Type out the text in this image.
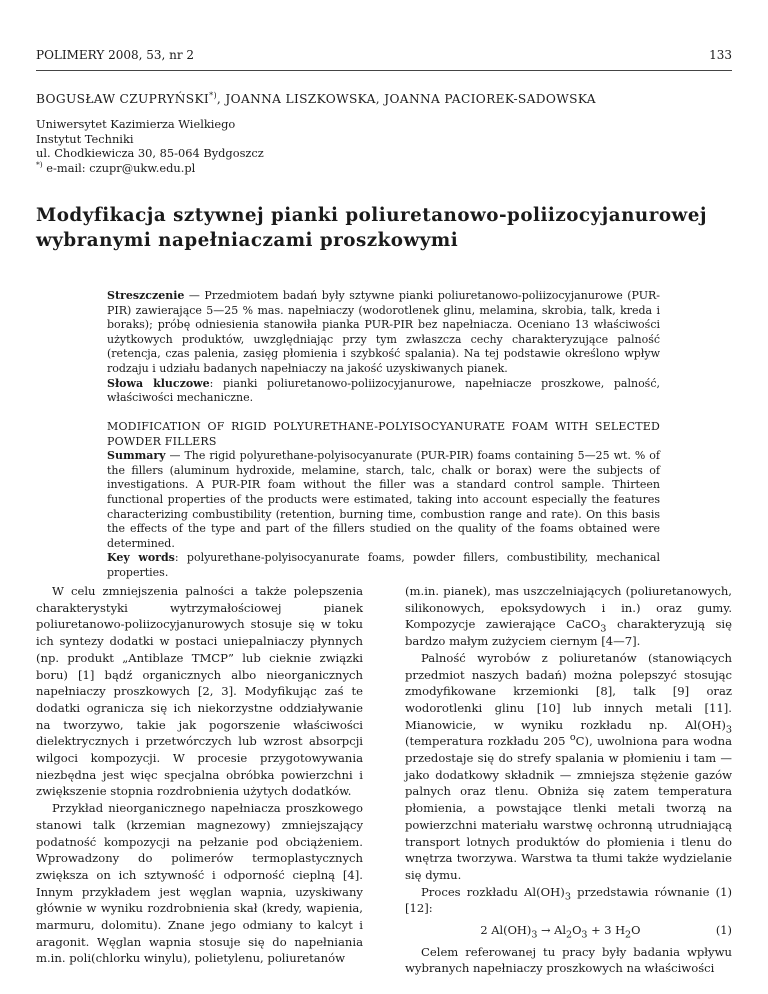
POLIMERY 2008, 53, nr 2	133
BOGUSŁAW CZUPRYŃSKI*), JOANNA LISZKOWSKA, JOANNA PACIOREK-SADOWSKA
Uniwersytet Kazimierza Wielkiego
Instytut Techniki
ul. Chodkiewicza 30, 85-064 Bydgoszcz
*) e-mail: czupr@ukw.edu.pl
Modyfikacja sztywnej pianki poliuretanowo-poliizocyjanurowej
wybranymi napełniaczami proszkowymi

Streszczenie — Przedmiotem badań były sztywne pianki poliuretanowo-poliizocyjanurowe (PUR-PIR) zawierające 5—25 % mas. napełniaczy (wodorotlenek glinu, melamina, skrobia, talk, kreda i boraks); próbę odniesienia stanowiła pianka PUR-PIR bez napełniacza. Oceniano 13 właściwości użytkowych produktów, uwzględniając przy tym zwłaszcza cechy charakteryzujące palność (retencja, czas palenia, zasięg płomienia i szybkość spalania). Na tej podstawie określono wpływ rodzaju i udziału badanych napełniaczy na jakość uzyskiwanych pianek.

Słowa kluczowe: pianki poliuretanowo-poliizocyjanurowe, napełniacze proszkowe, palność, właściwości mechaniczne.

MODIFICATION OF RIGID POLYURETHANE-POLYISOCYANURATE FOAM WITH SELECTED POWDER FILLERS

Summary — The rigid polyurethane-polyisocyanurate (PUR-PIR) foams containing 5—25 wt. % of the fillers (aluminum hydroxide, melamine, starch, talc, chalk or borax) were the subjects of investigations. A PUR-PIR foam without the filler was a standard control sample. Thirteen functional properties of the products were estimated, taking into account especially the features characterizing combustibility (retention, burning time, combustion range and rate). On this basis the effects of the type and part of the fillers studied on the quality of the foams obtained were determined.

Key words: polyurethane-polyisocyanurate foams, powder fillers, combustibility, mechanical properties.

W celu zmniejszenia palności a także polepszenia charakterystyki wytrzymałościowej pianek poliuretanowo-poliizocyjanurowych stosuje się w toku ich syntezy dodatki w postaci uniepalniaczy płynnych (np. produkt „Antiblaze TMCP” lub cieknie związki boru) [1] bądź organicznych albo nieorganicznych napełniaczy proszkowych [2, 3]. Modyfikując zaś te dodatki ogranicza się ich niekorzystne oddziaływanie na tworzywo, takie jak pogorszenie właściwości dielektrycznych i przetwórczych lub wzrost absorpcji wilgoci kompozycji. W procesie przygotowywania niezbędna jest więc specjalna obróbka powierzchni i zwiększenie stopnia rozdrobnienia użytych dodatków.

Przykład nieorganicznego napełniacza proszkowego stanowi talk (krzemian magnezowy) zmniejszający podatność kompozycji na pełzanie pod obciążeniem. Wprowadzony do polimerów termoplastycznych zwiększa on ich sztywność i odporność cieplną [4]. Innym przykładem jest węglan wapnia, uzyskiwany głównie w wyniku rozdrobnienia skał (kredy, wapienia, marmuru, dolomitu). Znane jego odmiany to kalcyt i aragonit. Węglan wapnia stosuje się do napełniania m.in. poli(chlorku winylu), polietylenu, poliuretanów

(m.in. pianek), mas uszczelniających (poliuretanowych, silikonowych, epoksydowych i in.) oraz gumy. Kompozycje zawierające CaCO$_3$ charakteryzują się bardzo małym zużyciem ciernym [4—7].

Palność wyrobów z poliuretanów (stanowiących przedmiot naszych badań) można polepszyć stosując zmodyfikowane krzemionki [8], talk [9] oraz wodorotlenki glinu [10] lub innych metali [11]. Mianowicie, w wyniku rozkładu np. $Al(OH)_3$ (temperatura rozkładu 205 $^o$C), uwolniona para wodna przedostaje się do strefy spalania w płomieniu i tam — jako dodatkowy składnik — zmniejsza stężenie gazów palnych oraz tlenu. Obniża się zatem temperatura płomienia, a powstające tlenki metali tworzą na powierzchni materiału warstwę ochronną utrudniającą transport lotnych produktów do płomienia i tlenu do wnętrza tworzywa. Warstwa ta tłumi także wydzielanie się dymu.

Proces rozkładu $Al(OH)_3$ przedstawia równanie (1) [12]:

2 $Al(OH)_3 \to Al_2O_3 + 3$ $H_2O$	(1)

Celem referowanej tu pracy były badania wpływu wybranych napełniaczy proszkowych na właściwości
